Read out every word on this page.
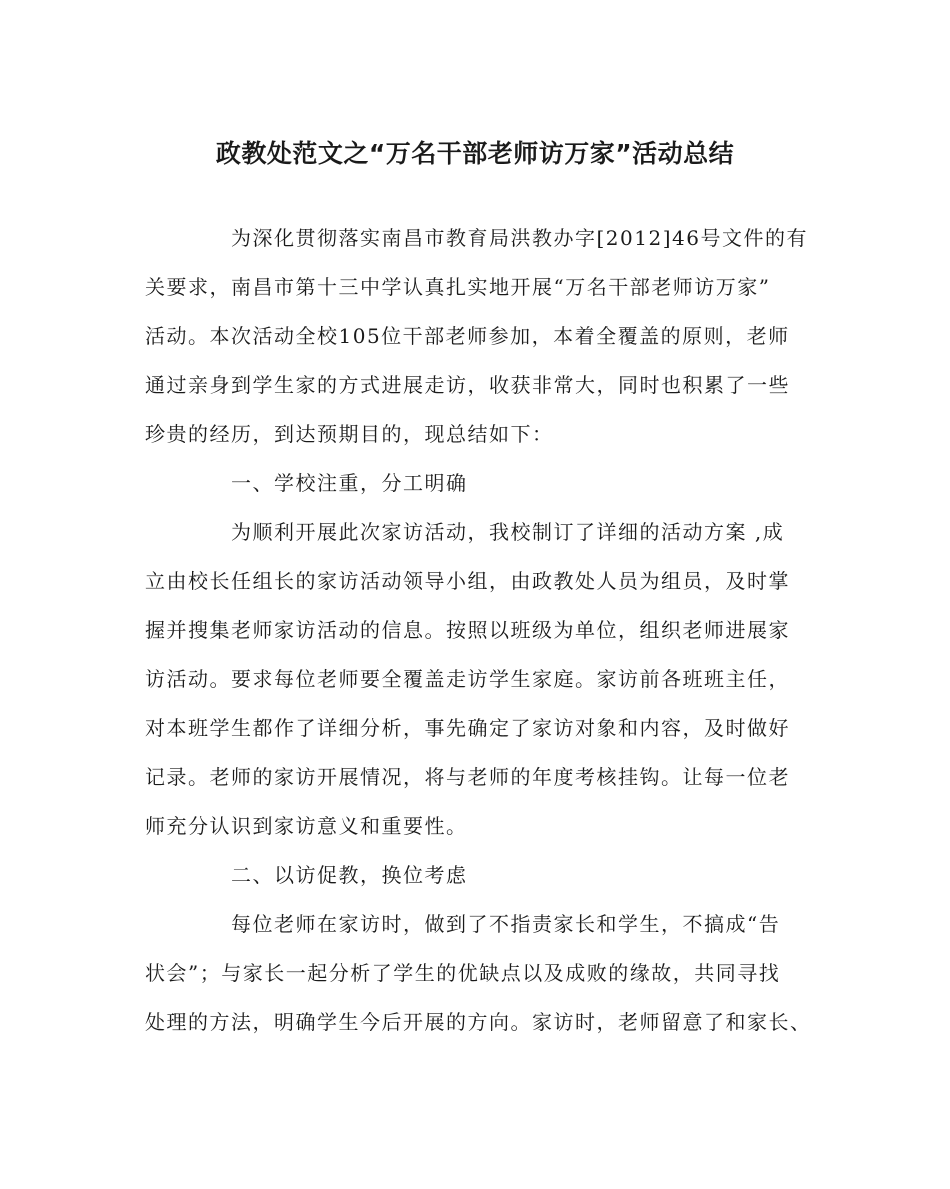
政教处范文之“万名干部老师访万家”活动总结

为深化贯彻落实南昌市教育局洪教办字[2012]46号文件的有

关要求，南昌市第十三中学认真扎实地开展“万名干部老师访万家”

活动。本次活动全校105位干部老师参加，本着全覆盖的原则，老师

通过亲身到学生家的方式进展走访，收获非常大，同时也积累了一些

珍贵的经历，到达预期目的，现总结如下：

一、学校注重，分工明确

为顺利开展此次家访活动，我校制订了详细的活动方案 ,成

立由校长任组长的家访活动领导小组，由政教处人员为组员，及时掌

握并搜集老师家访活动的信息。按照以班级为单位，组织老师进展家

访活动。要求每位老师要全覆盖走访学生家庭。家访前各班班主任，

对本班学生都作了详细分析，事先确定了家访对象和内容，及时做好

记录。老师的家访开展情况，将与老师的年度考核挂钩。让每一位老

师充分认识到家访意义和重要性。

二、以访促教，换位考虑

每位老师在家访时，做到了不指责家长和学生，不搞成“告

状会”；与家长一起分析了学生的优缺点以及成败的缘故，共同寻找

处理的方法，明确学生今后开展的方向。家访时，老师留意了和家长、
